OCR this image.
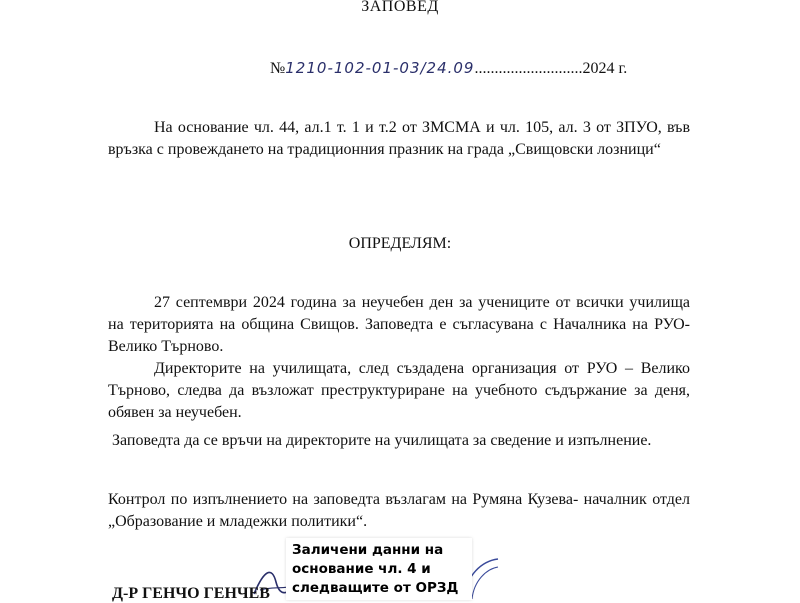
ЗАПОВЕД
№1210-102-01-03/24.09...........................2024 г.

На основание чл. 44, ал.1 т. 1 и т.2 от ЗМСМА и чл. 105, ал. 3 от ЗПУО, във връзка с провеждането на традиционния празник на града „Свищовски лозници“

ОПРЕДЕЛЯМ:

27 септември 2024 година за неучебен ден за учениците от всички училища на територията на община Свищов. Заповедта е съгласувана с Началника на РУО- Велико Търново.

Директорите на училищата, след създадена организация от РУО – Велико Търново, следва да възложат преструктуриране на учебното съдържание за деня, обявен за неучебен.

Заповедта да се връчи на директорите на училищата за сведение и изпълнение.

Контрол по изпълнението на заповедта възлагам на Румяна Кузева- началник отдел „Образование и младежки политики“.

Заличени данни на
основание чл. 4 и
следващите от ОРЗД
Д-Р ГЕНЧО ГЕНЧЕВ
